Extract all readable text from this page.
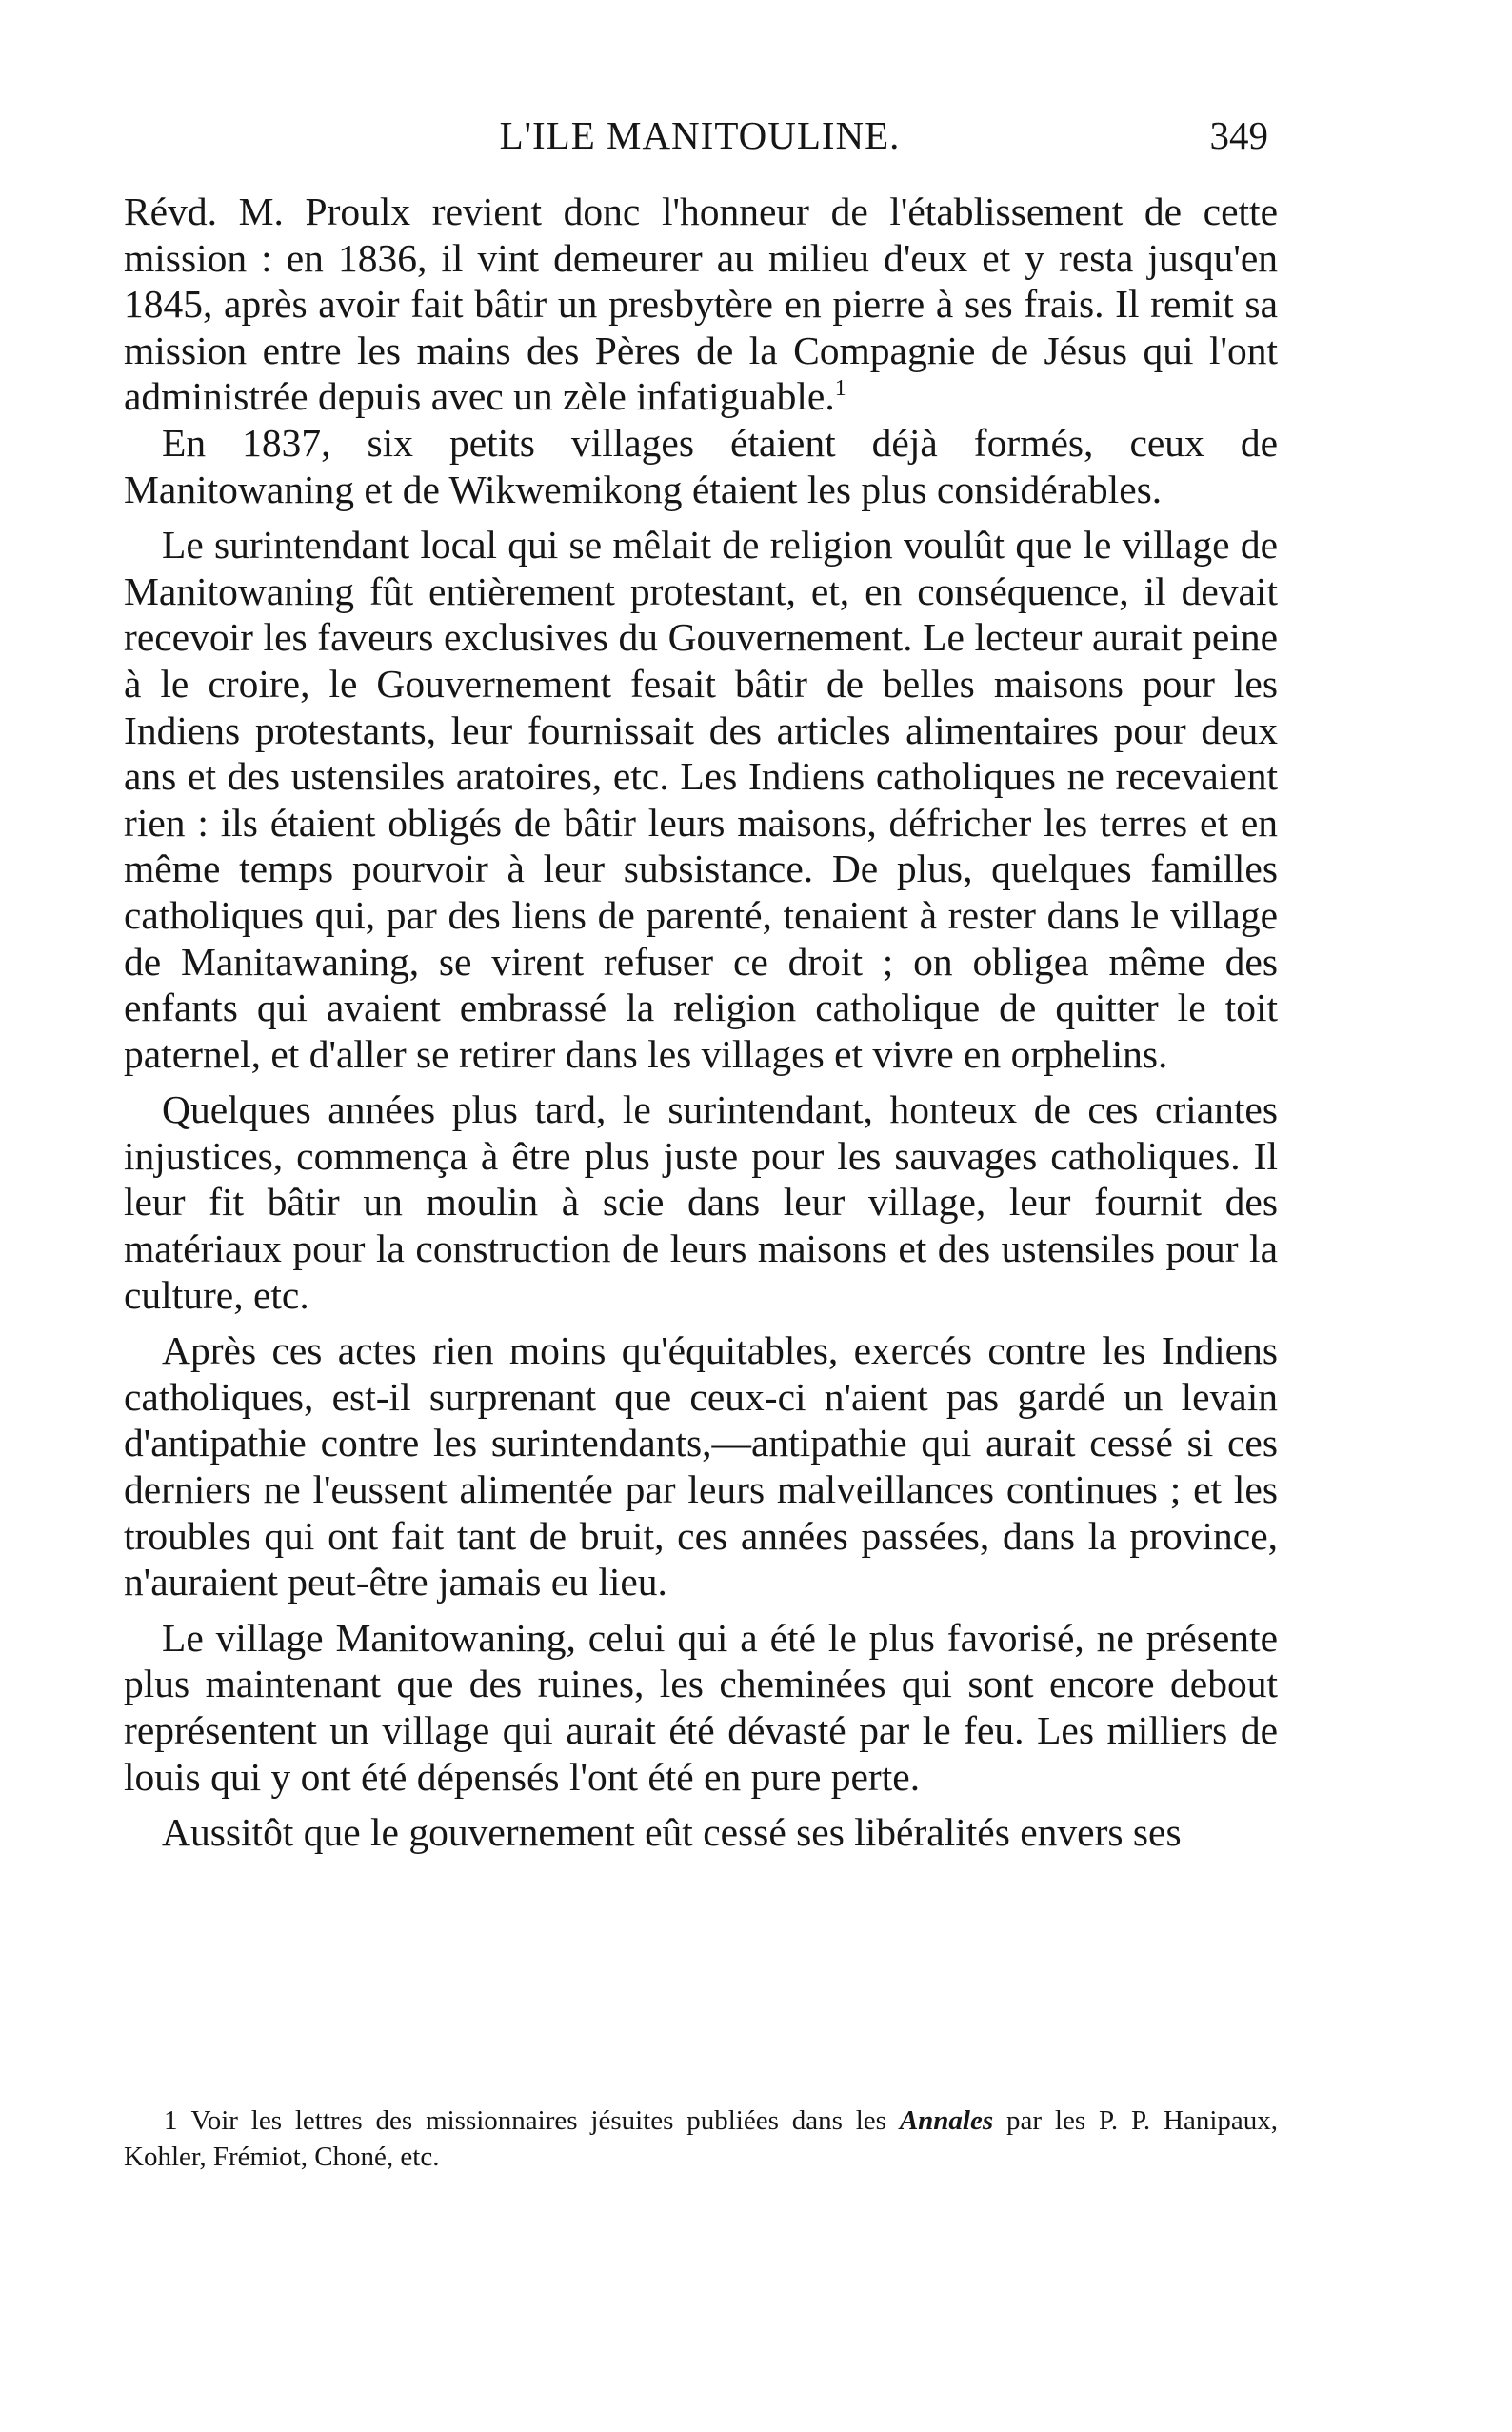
L'ILE MANITOULINE.	349

Révd. M. Proulx revient donc l'honneur de l'établissement de cette mission : en 1836, il vint demeurer au milieu d'eux et y resta jusqu'en 1845, après avoir fait bâtir un presbytère en pierre à ses frais. Il remit sa mission entre les mains des Pères de la Compagnie de Jésus qui l'ont administrée depuis avec un zèle infatiguable.$^1$

En 1837, six petits villages étaient déjà formés, ceux de Manitowaning et de Wikwemikong étaient les plus considérables.

Le surintendant local qui se mêlait de religion voulût que le village de Manitowaning fût entièrement protestant, et, en conséquence, il devait recevoir les faveurs exclusives du Gouvernement. Le lecteur aurait peine à le croire, le Gouvernement fesait bâtir de belles maisons pour les Indiens protestants, leur fournissait des articles alimentaires pour deux ans et des ustensiles aratoires, etc. Les Indiens catholiques ne recevaient rien : ils étaient obligés de bâtir leurs maisons, défricher les terres et en même temps pourvoir à leur subsistance. De plus, quelques familles catholiques qui, par des liens de parenté, tenaient à rester dans le village de Manitawaning, se virent refuser ce droit ; on obligea même des enfants qui avaient embrassé la religion catholique de quitter le toit paternel, et d'aller se retirer dans les villages et vivre en orphelins.

Quelques années plus tard, le surintendant, honteux de ces criantes injustices, commença à être plus juste pour les sauvages catholiques. Il leur fit bâtir un moulin à scie dans leur village, leur fournit des matériaux pour la construction de leurs maisons et des ustensiles pour la culture, etc.

Après ces actes rien moins qu'équitables, exercés contre les Indiens catholiques, est-il surprenant que ceux-ci n'aient pas gardé un levain d'antipathie contre les surintendants,—antipathie qui aurait cessé si ces derniers ne l'eussent alimentée par leurs malveillances continues ; et les troubles qui ont fait tant de bruit, ces années passées, dans la province, n'auraient peut-être jamais eu lieu.

Le village Manitowaning, celui qui a été le plus favorisé, ne présente plus maintenant que des ruines, les cheminées qui sont encore debout représentent un village qui aurait été dévasté par le feu. Les milliers de louis qui y ont été dépensés l'ont été en pure perte.

Aussitôt que le gouvernement eût cessé ses libéralités envers ses

1 Voir les lettres des missionnaires jésuites publiées dans les Annales par les P. P. Hanipaux, Kohler, Frémiot, Choné, etc.
